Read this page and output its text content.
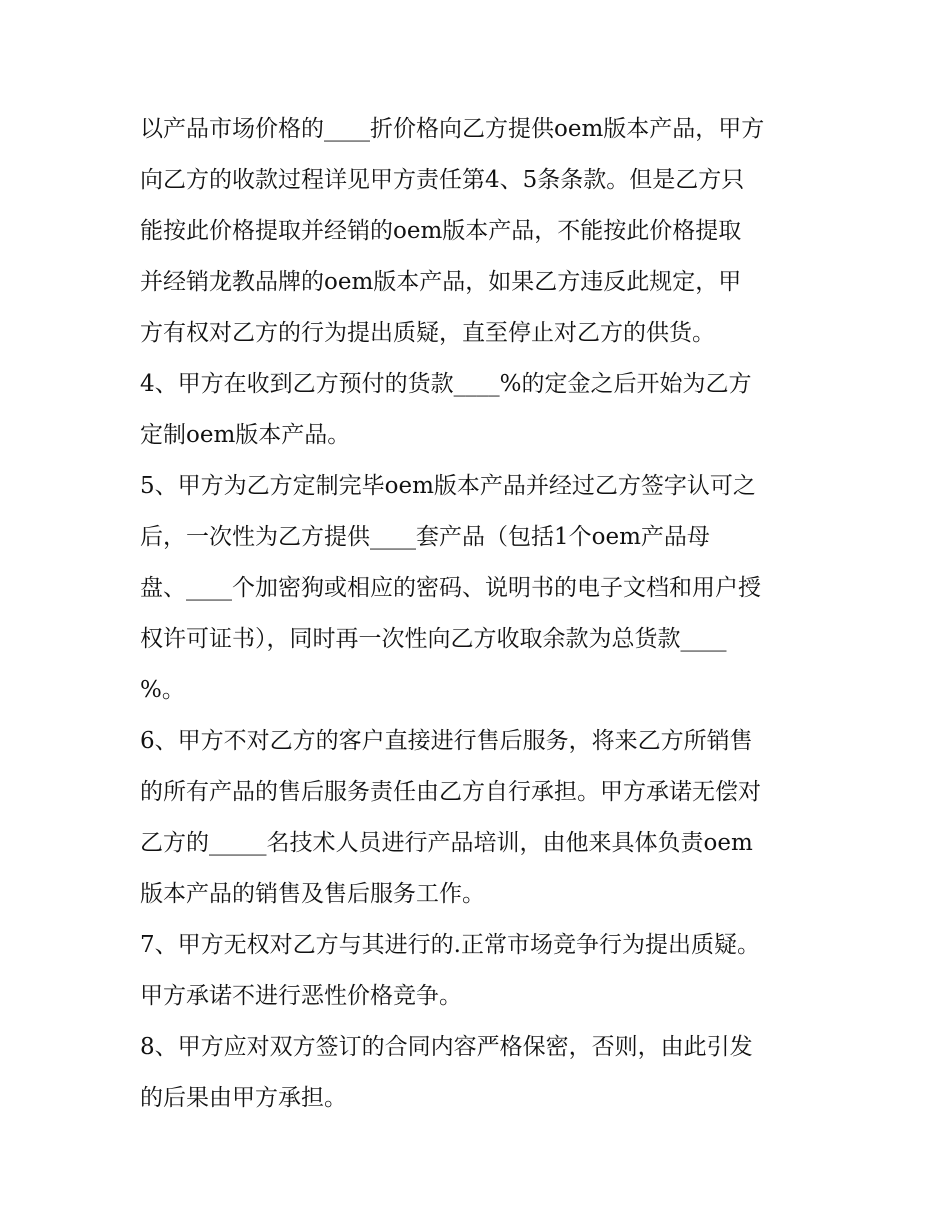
以产品市场价格的____折价格向乙方提供oem版本产品，甲方
向乙方的收款过程详见甲方责任第4、5条条款。但是乙方只
能按此价格提取并经销的oem版本产品，不能按此价格提取
并经销龙教品牌的oem版本产品，如果乙方违反此规定，甲
方有权对乙方的行为提出质疑，直至停止对乙方的供货。
4、甲方在收到乙方预付的货款____%的定金之后开始为乙方
定制oem版本产品。
5、甲方为乙方定制完毕oem版本产品并经过乙方签字认可之
后，一次性为乙方提供____套产品（包括1个oem产品母
盘、____个加密狗或相应的密码、说明书的电子文档和用户授
权许可证书），同时再一次性向乙方收取余款为总货款____
%。
6、甲方不对乙方的客户直接进行售后服务，将来乙方所销售
的所有产品的售后服务责任由乙方自行承担。甲方承诺无偿对
乙方的_____名技术人员进行产品培训，由他来具体负责oem
版本产品的销售及售后服务工作。
7、甲方无权对乙方与其进行的.正常市场竞争行为提出质疑。
甲方承诺不进行恶性价格竞争。
8、甲方应对双方签订的合同内容严格保密，否则，由此引发
的后果由甲方承担。
